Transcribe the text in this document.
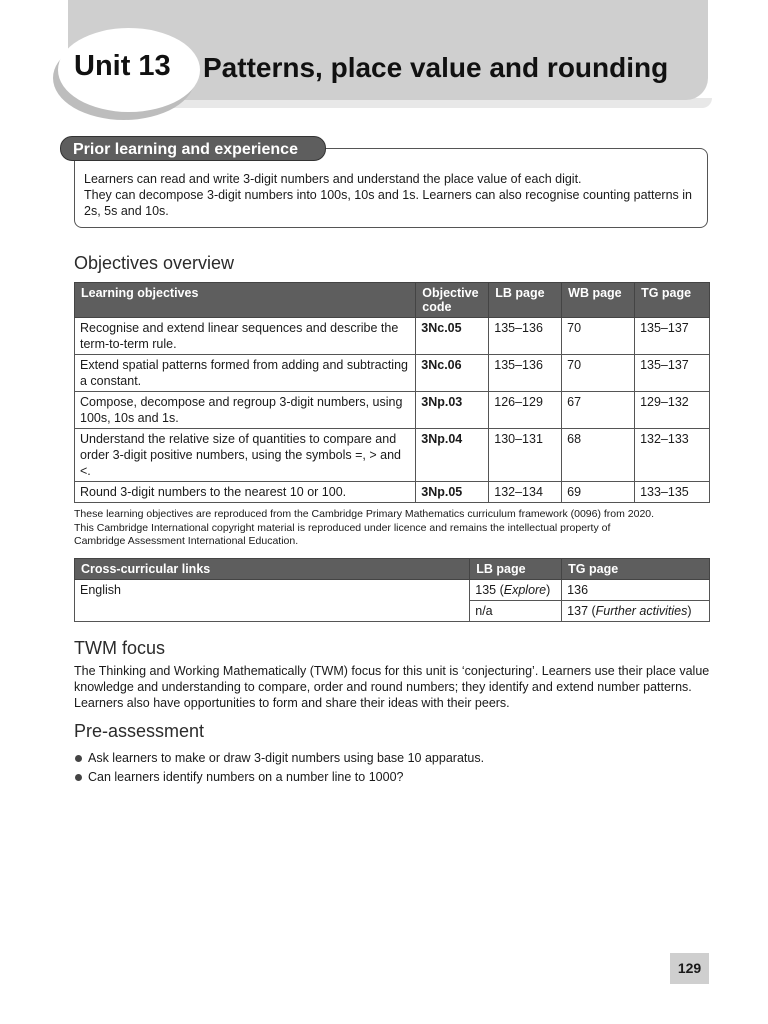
Unit 13 Patterns, place value and rounding
Prior learning and experience

Learners can read and write 3-digit numbers and understand the place value of each digit.

They can decompose 3-digit numbers into 100s, 10s and 1s. Learners can also recognise counting patterns in 2s, 5s and 10s.

Objectives overview
Learning objectives	Objective code	LB page	WB page	TG page
Recognise and extend linear sequences and describe the term-to-term rule.	3Nc.05	135–136	70	135–137
Extend spatial patterns formed from adding and subtracting a constant.	3Nc.06	135–136	70	135–137
Compose, decompose and regroup 3-digit numbers, using 100s, 10s and 1s.	3Np.03	126–129	67	129–132
Understand the relative size of quantities to compare and order 3-digit positive numbers, using the symbols =, > and <.	3Np.04	130–131	68	132–133
Round 3-digit numbers to the nearest 10 or 100.	3Np.05	132–134	69	133–135

These learning objectives are reproduced from the Cambridge Primary Mathematics curriculum framework (0096) from 2020.

This Cambridge International copyright material is reproduced under licence and remains the intellectual property of

Cambridge Assessment International Education.

Cross-curricular links	LB page	TG page
English	135 (Explore)	136
	n/a	137 (Further activities)
TWM focus
The Thinking and Working Mathematically (TWM) focus for this unit is ‘conjecturing’. Learners use their place value knowledge and understanding to compare, order and round numbers; they identify and extend number patterns. Learners also have opportunities to form and share their ideas with their peers.
Pre-assessment
Ask learners to make or draw 3-digit numbers using base 10 apparatus.
Can learners identify numbers on a number line to 1000?
129
